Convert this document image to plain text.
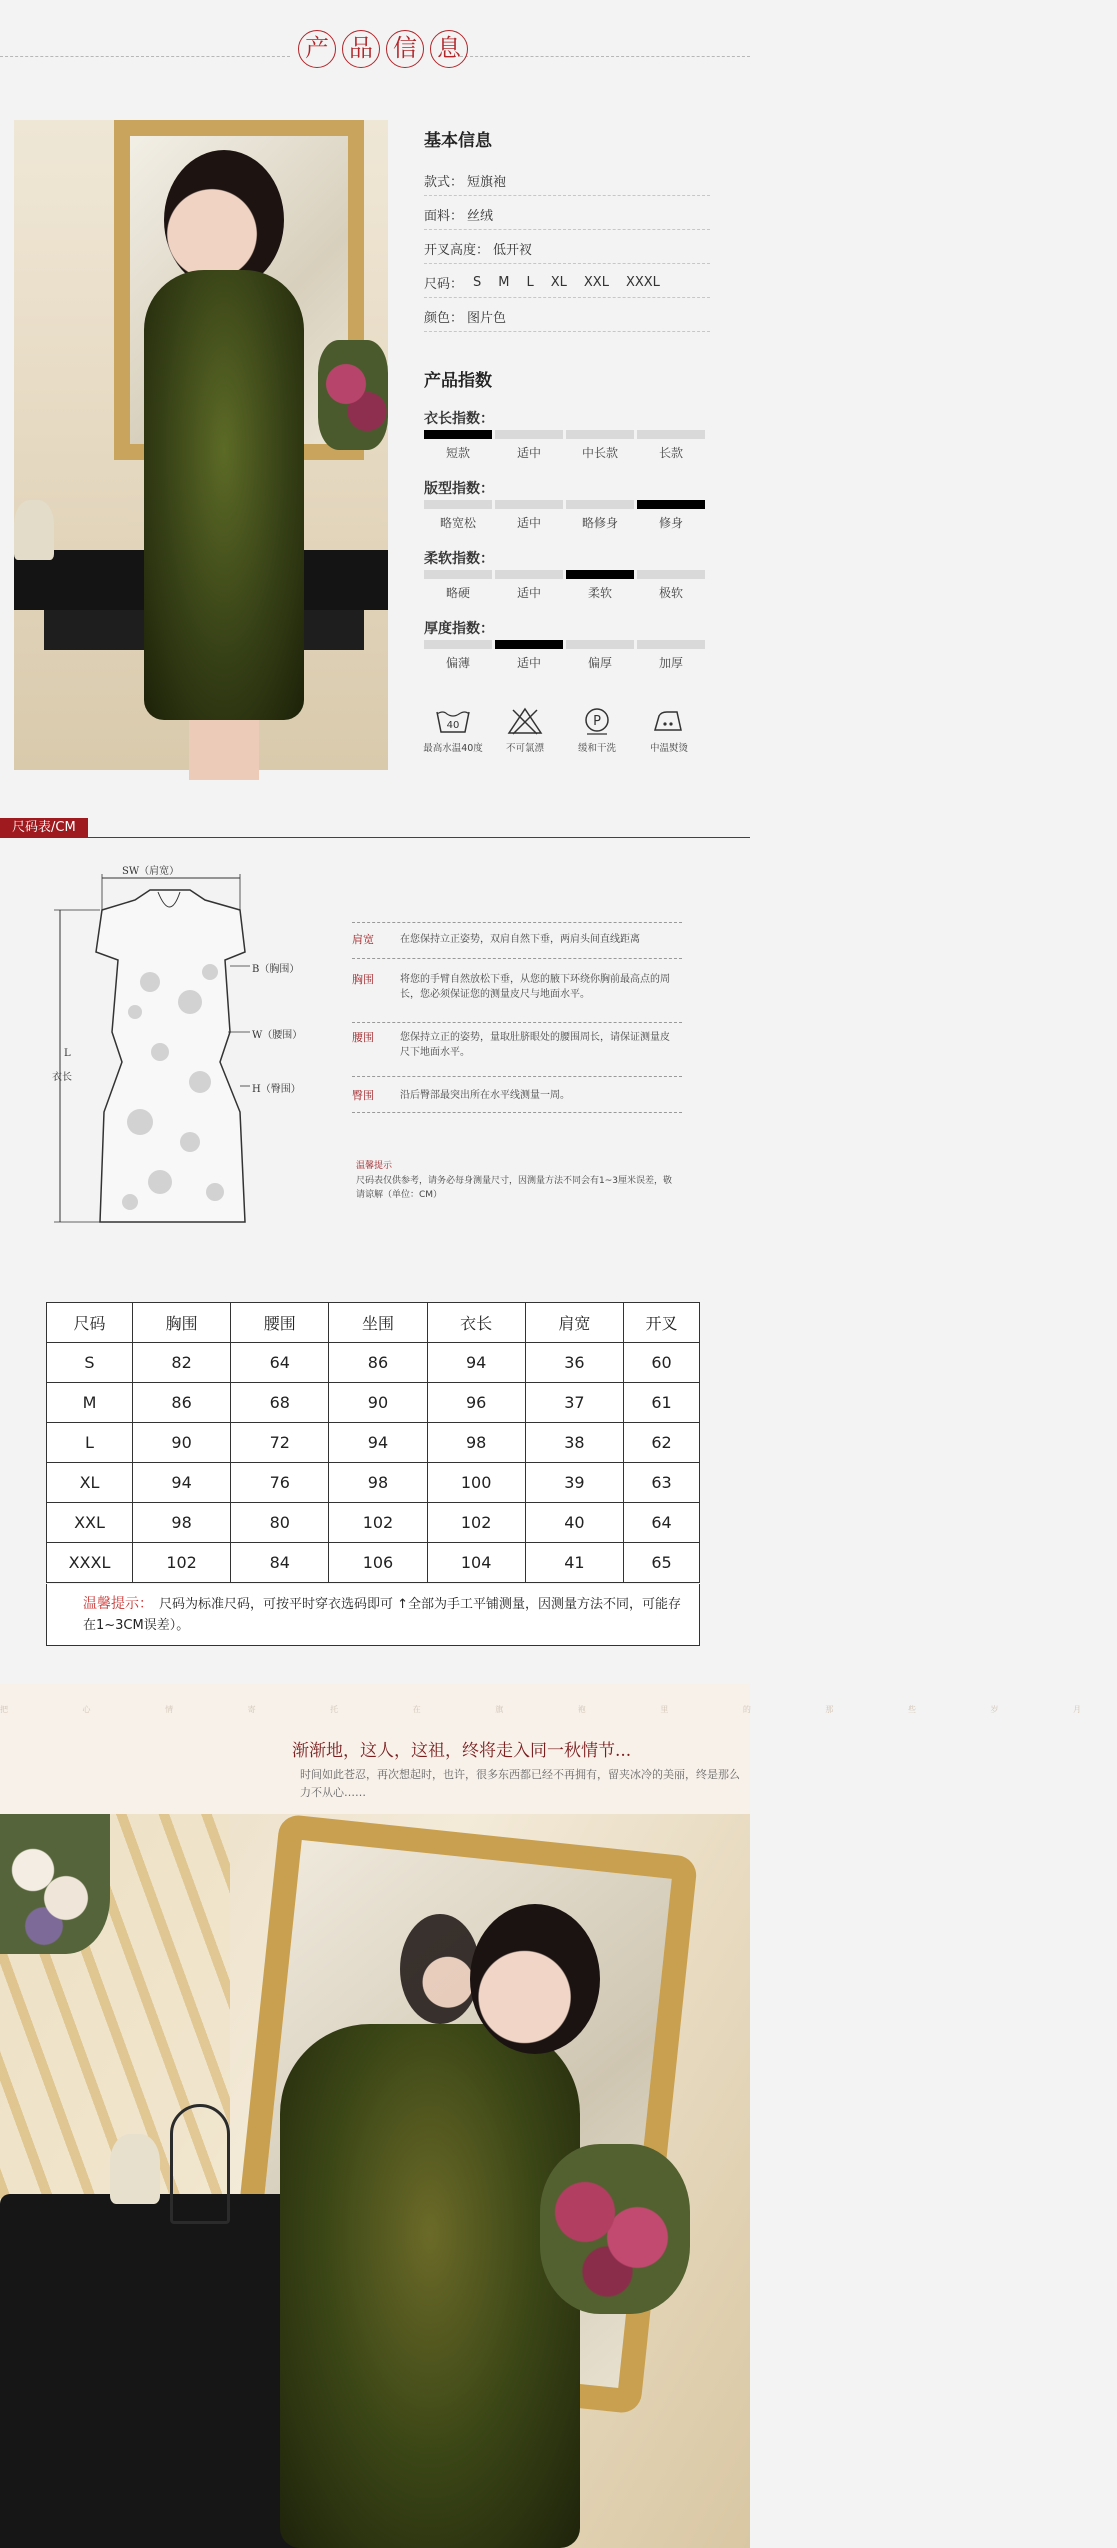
产 品 信 息
基本信息
款式： 短旗袍
面料： 丝绒
开叉高度： 低开衩
尺码： S M L XL XXL XXXL
颜色： 图片色
产品指数
衣长指数：
短款	适中	中长款	长款
版型指数：
略宽松	适中	略修身	修身
柔软指数：
略硬	适中	柔软	极软
厚度指数：
偏薄	适中	偏厚	加厚
40
最高水温40度 不可氯漂
P
缓和干洗	中温熨烫
尺码表/CM
SW（肩宽）
B（胸围）
W（腰围）
H（臀围）
L
衣长
肩宽	在您保持立正姿势，双肩自然下垂，两肩头间直线距离
胸围	将您的手臂自然放松下垂，从您的腋下环绕你胸前最高点的周长，您必须保证您的测量皮尺与地面水平。
腰围	您保持立正的姿势，量取肚脐眼处的腰围周长，请保证测量皮尺下地面水平。
臀围	沿后臀部最突出所在水平线测量一周。
温馨提示
尺码表仅供参考，请务必每身测量尺寸，因测量方法不同会有1~3厘米误差，敬请谅解（单位：CM）
尺码	胸围	腰围	坐围	衣长	肩宽	开叉
S	82	64	86	94	36	60
M	86	68	90	96	37	61
L	90	72	94	98	38	62
XL	94	76	98	100	39	63
XXL	98	80	102	102	40	64
XXXL	102	84	106	104	41	65
温馨提示： 尺码为标准尺码，可按平时穿衣选码即可 ↑全部为手工平铺测量，因测量方法不同，可能存在1~3CM误差）。
把 心 情 寄 托 在 旗 袍 里 的 那 些 岁 月
渐渐地，这人，这祖，终将走入同一秋情节...
时间如此苍忍，再次想起时，也许，很多东西都已经不再拥有，留夹冰冷的美丽，终是那么力不从心……
